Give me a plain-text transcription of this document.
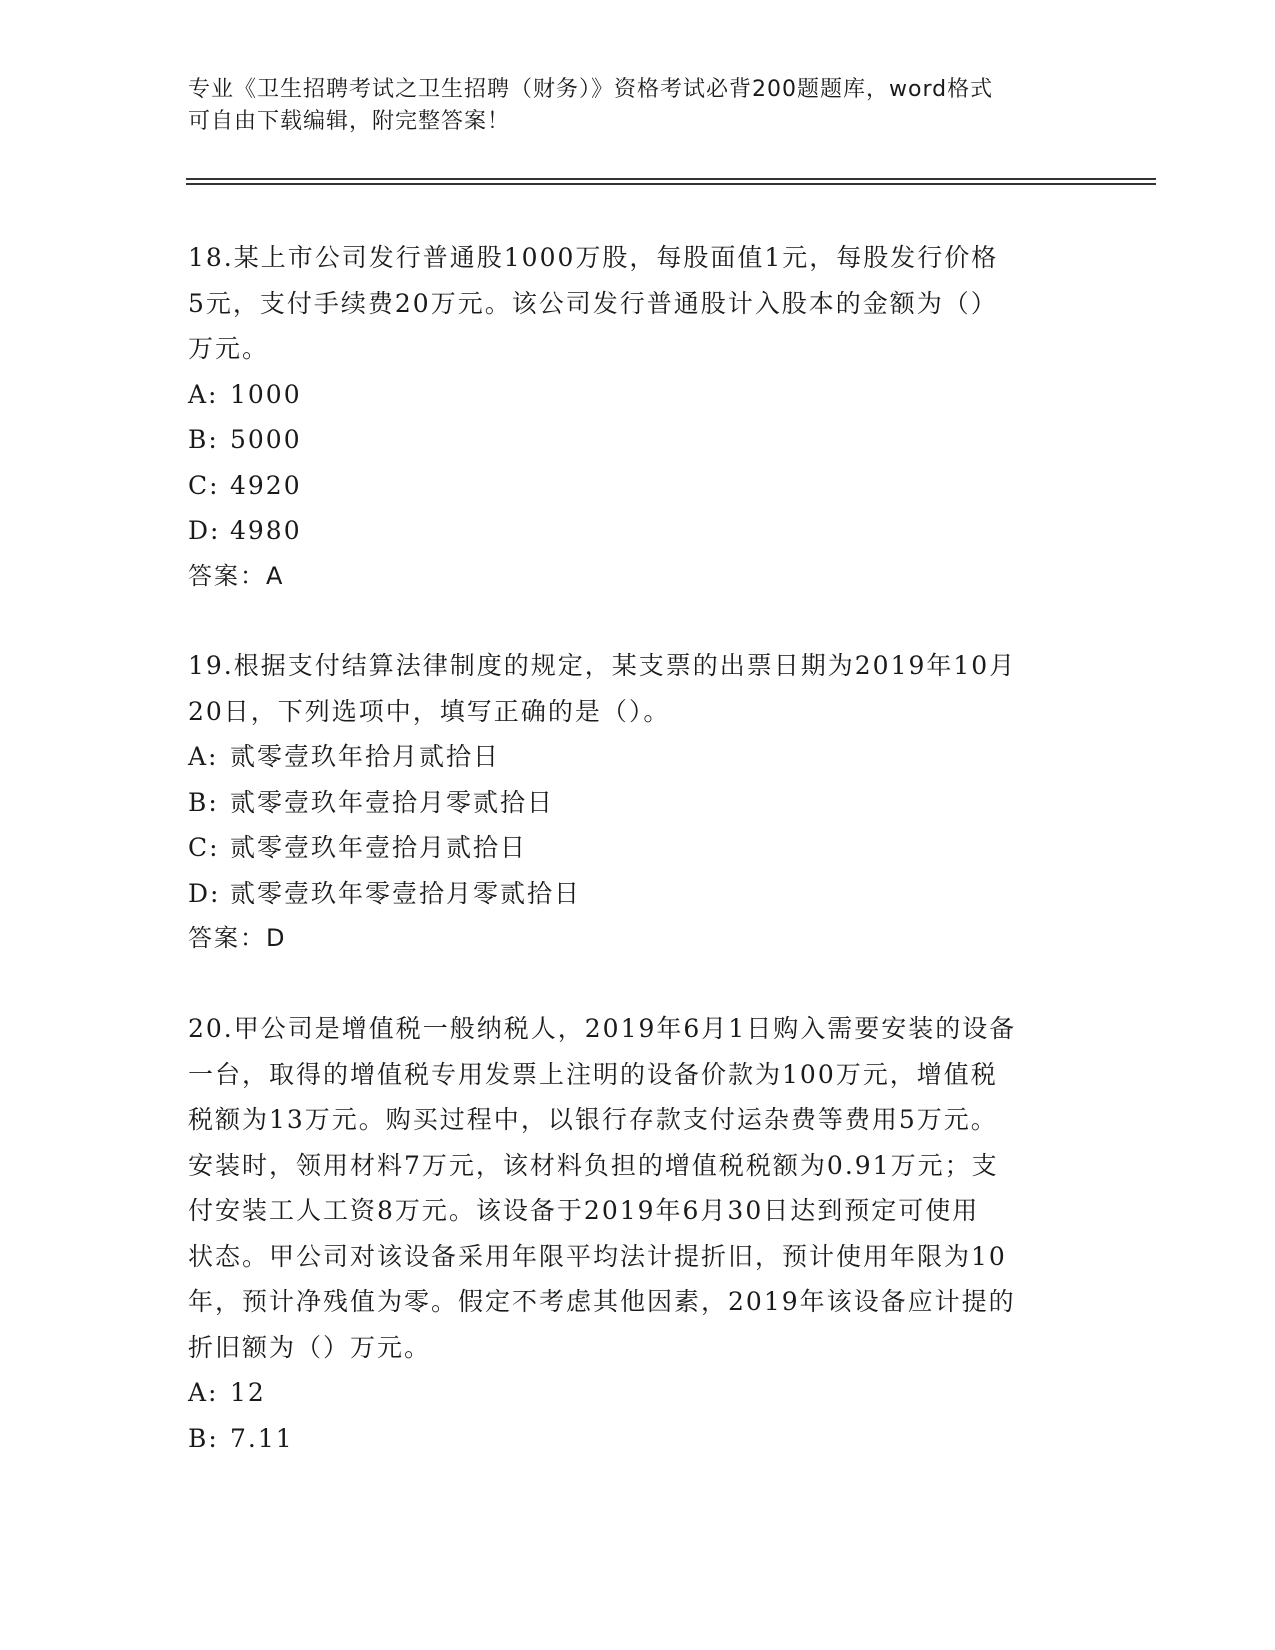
专业《卫生招聘考试之卫生招聘（财务）》资格考试必背200题题库，word格式
可自由下载编辑，附完整答案！

18.某上市公司发行普通股1000万股，每股面值1元，每股发行价格

5元，支付手续费20万元。该公司发行普通股计入股本的金额为（）

万元。

A: 1000

B: 5000

C: 4920

D: 4980

答案：A

19.根据支付结算法律制度的规定，某支票的出票日期为2019年10月

20日，下列选项中，填写正确的是（）。

A: 贰零壹玖年拾月贰拾日

B: 贰零壹玖年壹拾月零贰拾日

C: 贰零壹玖年壹拾月贰拾日

D: 贰零壹玖年零壹拾月零贰拾日

答案：D

20.甲公司是增值税一般纳税人，2019年6月1日购入需要安装的设备

一台，取得的增值税专用发票上注明的设备价款为100万元，增值税

税额为13万元。购买过程中，以银行存款支付运杂费等费用5万元。

安装时，领用材料7万元，该材料负担的增值税税额为0.91万元；支

付安装工人工资8万元。该设备于2019年6月30日达到预定可使用

状态。甲公司对该设备采用年限平均法计提折旧，预计使用年限为10

年，预计净残值为零。假定不考虑其他因素，2019年该设备应计提的

折旧额为（）万元。

A: 12

B: 7.11
